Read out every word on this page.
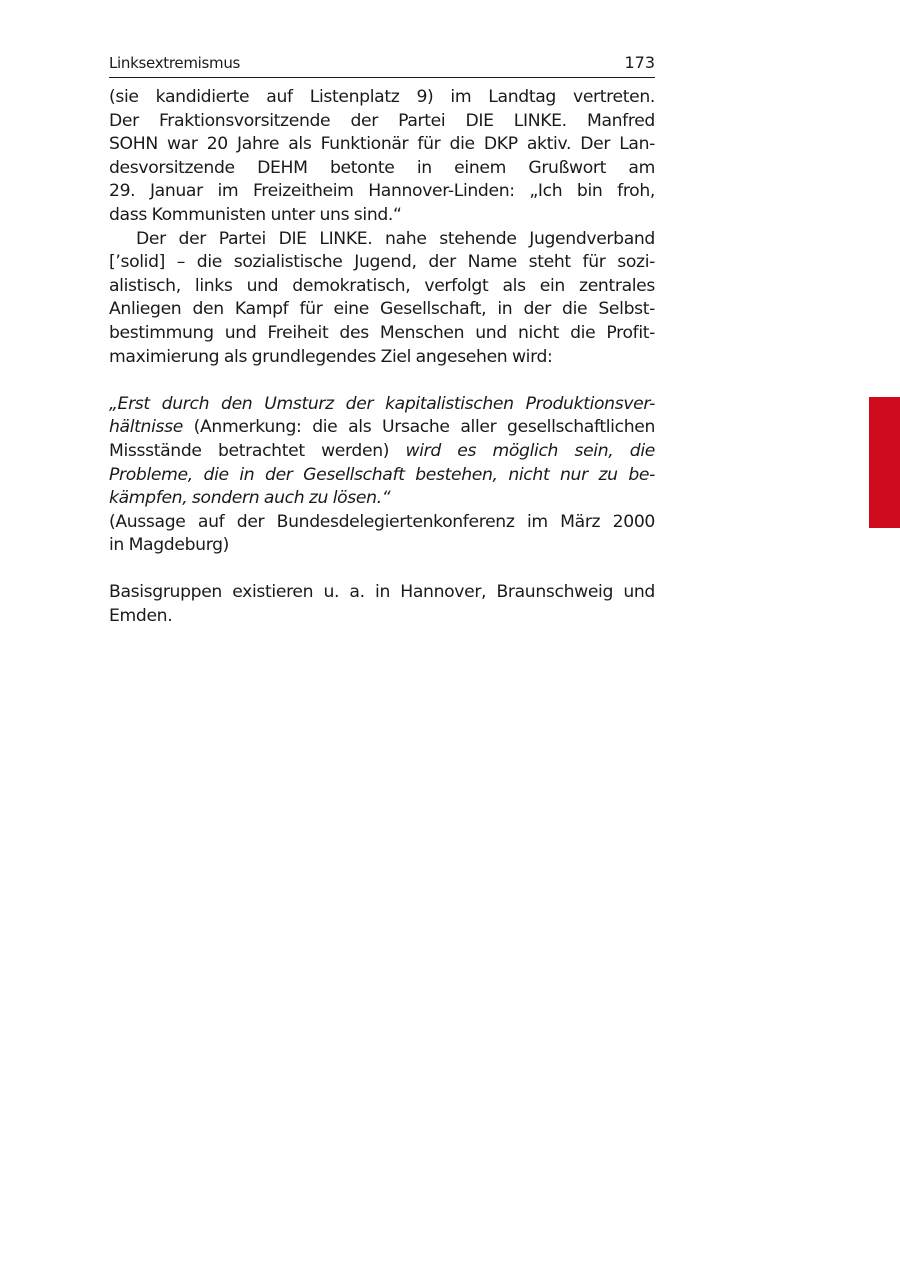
Linksextremismus	173
(sie kandidierte auf Listenplatz 9) im Landtag vertreten.
Der Fraktionsvorsitzende der Partei DIE LINKE. Manfred
SOHN war 20 Jahre als Funktionär für die DKP aktiv. Der Lan-
desvorsitzende DEHM betonte in einem Grußwort am
29. Januar im Freizeitheim Hannover-Linden: „Ich bin froh,
dass Kommunisten unter uns sind.“
Der der Partei DIE LINKE. nahe stehende Jugendverband
[’solid] – die sozialistische Jugend, der Name steht für sozi-
alistisch, links und demokratisch, verfolgt als ein zentrales
Anliegen den Kampf für eine Gesellschaft, in der die Selbst-
bestimmung und Freiheit des Menschen und nicht die Profit-
maximierung als grundlegendes Ziel angesehen wird:
„Erst durch den Umsturz der kapitalistischen Produktionsver-
hältnisse (Anmerkung: die als Ursache aller gesellschaftlichen
Missstände betrachtet werden) wird es möglich sein, die
Probleme, die in der Gesellschaft bestehen, nicht nur zu be-
kämpfen, sondern auch zu lösen.“
(Aussage auf der Bundesdelegiertenkonferenz im März 2000
in Magdeburg)
Basisgruppen existieren u. a. in Hannover, Braunschweig und
Emden.
